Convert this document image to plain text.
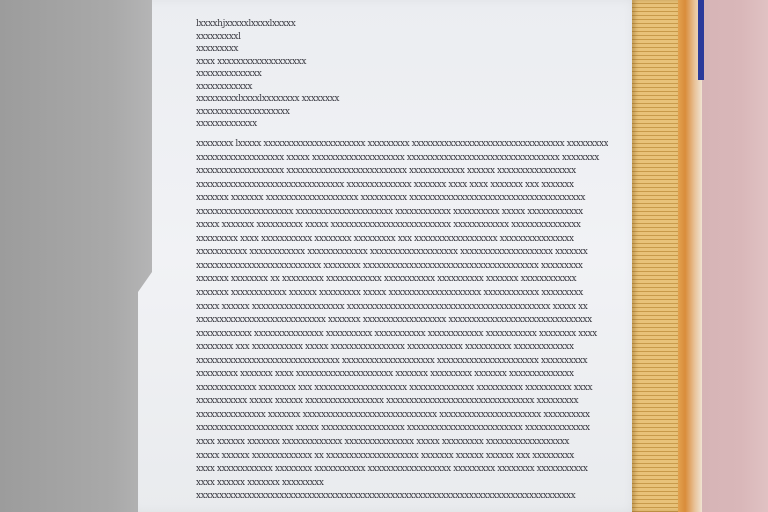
lxxxxhjxxxxxlxxxxlxxxxx
xxxxxxxxxl
xxxxxxxxx
xxxx xxxxxxxxxxxxxxxxxxx
xxxxxxxxxxxxxx
xxxxxxxxxxxx
xxxxxxxxxlxxxxlxxxxxxxx xxxxxxxx
xxxxxxxxxxxxxxxxxxxx
xxxxxxxxxxxxx
xxxxxxxx lxxxxx xxxxxxxxxxxxxxxxxxxxxx xxxxxxxxx xxxxxxxxxxxxxxxxxxxxxxxxxxxxxxxxx xxxxxxxxx
xxxxxxxxxxxxxxxxxxx xxxxx xxxxxxxxxxxxxxxxxxxx xxxxxxxxxxxxxxxxxxxxxxxxxxxxxxxxx xxxxxxxx
xxxxxxxxxxxxxxxxxxx xxxxxxxxxxxxxxxxxxxxxxxxxx xxxxxxxxxxxx xxxxxx xxxxxxxxxxxxxxxxx
xxxxxxxxxxxxxxxxxxxxxxxxxxxxxxxx xxxxxxxxxxxxxx xxxxxxx xxxx xxxx xxxxxxx xxx xxxxxxx
xxxxxxx xxxxxxx xxxxxxxxxxxxxxxxxxxx xxxxxxxxxx xxxxxxxxxxxxxxxxxxxxxxxxxxxxxxxxxxxxxx
xxxxxxxxxxxxxxxxxxxxx xxxxxxxxxxxxxxxxxxxxx xxxxxxxxxxxx xxxxxxxxxx xxxxx xxxxxxxxxxxx
xxxxx xxxxxxx xxxxxxxxxx xxxxx xxxxxxxxxxxxxxxxxxxxxxxxxx xxxxxxxxxxxx xxxxxxxxxxxxxxx
xxxxxxxxx xxxx xxxxxxxxxxx xxxxxxxx xxxxxxxxx xxx xxxxxxxxxxxxxxxxxx xxxxxxxxxxxxxxxx
xxxxxxxxxxx xxxxxxxxxxxx xxxxxxxxxxxxx xxxxxxxxxxxxxxxxxxx xxxxxxxxxxxxxxxxxxxx xxxxxxx
xxxxxxxxxxxxxxxxxxxxxxxxxxx xxxxxxxx xxxxxxxxxxxxxxxxxxxxxxxxxxxxxxxxxxxxxx xxxxxxxxx
xxxxxxx xxxxxxxx xx xxxxxxxxx xxxxxxxxxxxx xxxxxxxxxxx xxxxxxxxxx xxxxxxx xxxxxxxxxxxx
xxxxxxx xxxxxxxxxxxx xxxxxx xxxxxxxxx xxxxx xxxxxxxxxxxxxxxxxxxx xxxxxxxxxxxx xxxxxxxxx
xxxxx xxxxxx xxxxxxxxxxxxxxxxxxxx xxxxxxxxxxxxxxxxxxxxxxxxxxxxxxxxxxxxxxxxxxxx xxxxx xx
xxxxxxxxxxxxxxxxxxxxxxxxxxxx xxxxxxx xxxxxxxxxxxxxxxxxx xxxxxxxxxxxxxxxxxxxxxxxxxxxxxxx
xxxxxxxxxxxx xxxxxxxxxxxxxxx xxxxxxxxxx xxxxxxxxxxx xxxxxxxxxxxx xxxxxxxxxxx xxxxxxxx xxxx
xxxxxxxx xxx xxxxxxxxxxx xxxxx xxxxxxxxxxxxxxxx xxxxxxxxxxxx xxxxxxxxxx xxxxxxxxxxxxx
xxxxxxxxxxxxxxxxxxxxxxxxxxxxxxx xxxxxxxxxxxxxxxxxxxx xxxxxxxxxxxxxxxxxxxxxx xxxxxxxxxx
xxxxxxxxx xxxxxxx xxxx xxxxxxxxxxxxxxxxxxxxx xxxxxxx xxxxxxxxx xxxxxxx xxxxxxxxxxxxxx
xxxxxxxxxxxxx xxxxxxxx xxx xxxxxxxxxxxxxxxxxxxx xxxxxxxxxxxxxx xxxxxxxxxx xxxxxxxxxx xxxx
xxxxxxxxxxx xxxxx xxxxxx xxxxxxxxxxxxxxxxx xxxxxxxxxxxxxxxxxxxxxxxxxxxxxxxx xxxxxxxxx
xxxxxxxxxxxxxxx xxxxxxx xxxxxxxxxxxxxxxxxxxxxxxxxxxxx xxxxxxxxxxxxxxxxxxxxxx xxxxxxxxxx
xxxxxxxxxxxxxxxxxxxxx xxxxx xxxxxxxxxxxxxxxxxx xxxxxxxxxxxxxxxxxxxxxxxxx xxxxxxxxxxxxxx
xxxx xxxxxx xxxxxxx xxxxxxxxxxxxx xxxxxxxxxxxxxxx xxxxx xxxxxxxxx xxxxxxxxxxxxxxxxxx
xxxxx xxxxxx xxxxxxxxxxxxx xx xxxxxxxxxxxxxxxxxxxx xxxxxxx xxxxxx xxxxxx xxx xxxxxxxxx
xxxx xxxxxxxxxxxx xxxxxxxx xxxxxxxxxxx xxxxxxxxxxxxxxxxxx xxxxxxxxx xxxxxxxx xxxxxxxxxxx
xxxx xxxxxx xxxxxxx xxxxxxxxx
xxxxxxxxxxxxxxxxxxxxxxxxxxxxxxxxxxxxxxxxxxxxxxxxxxxxxxxxxxxxxxxxxxxxxxxxxxxxxxxxxx
